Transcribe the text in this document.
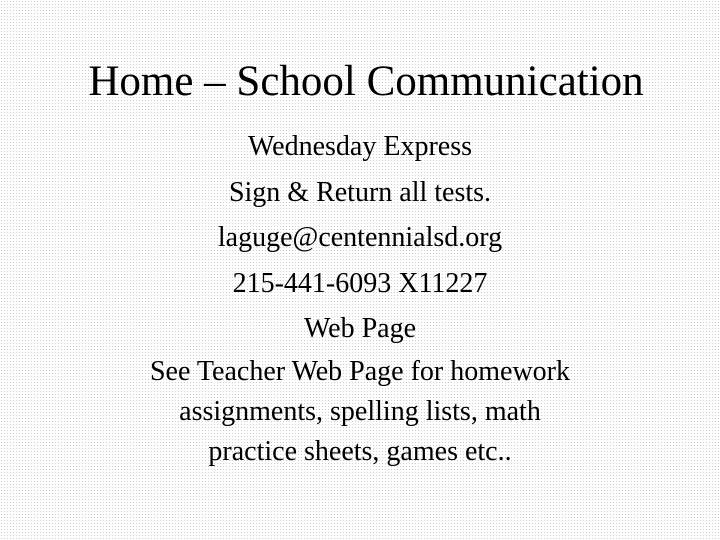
Home – School Communication
Wednesday Express
Sign & Return all tests.
laguge@centennialsd.org
215-441-6093 X11227
Web Page
See Teacher Web Page for homework
assignments, spelling lists, math
practice sheets, games etc..
